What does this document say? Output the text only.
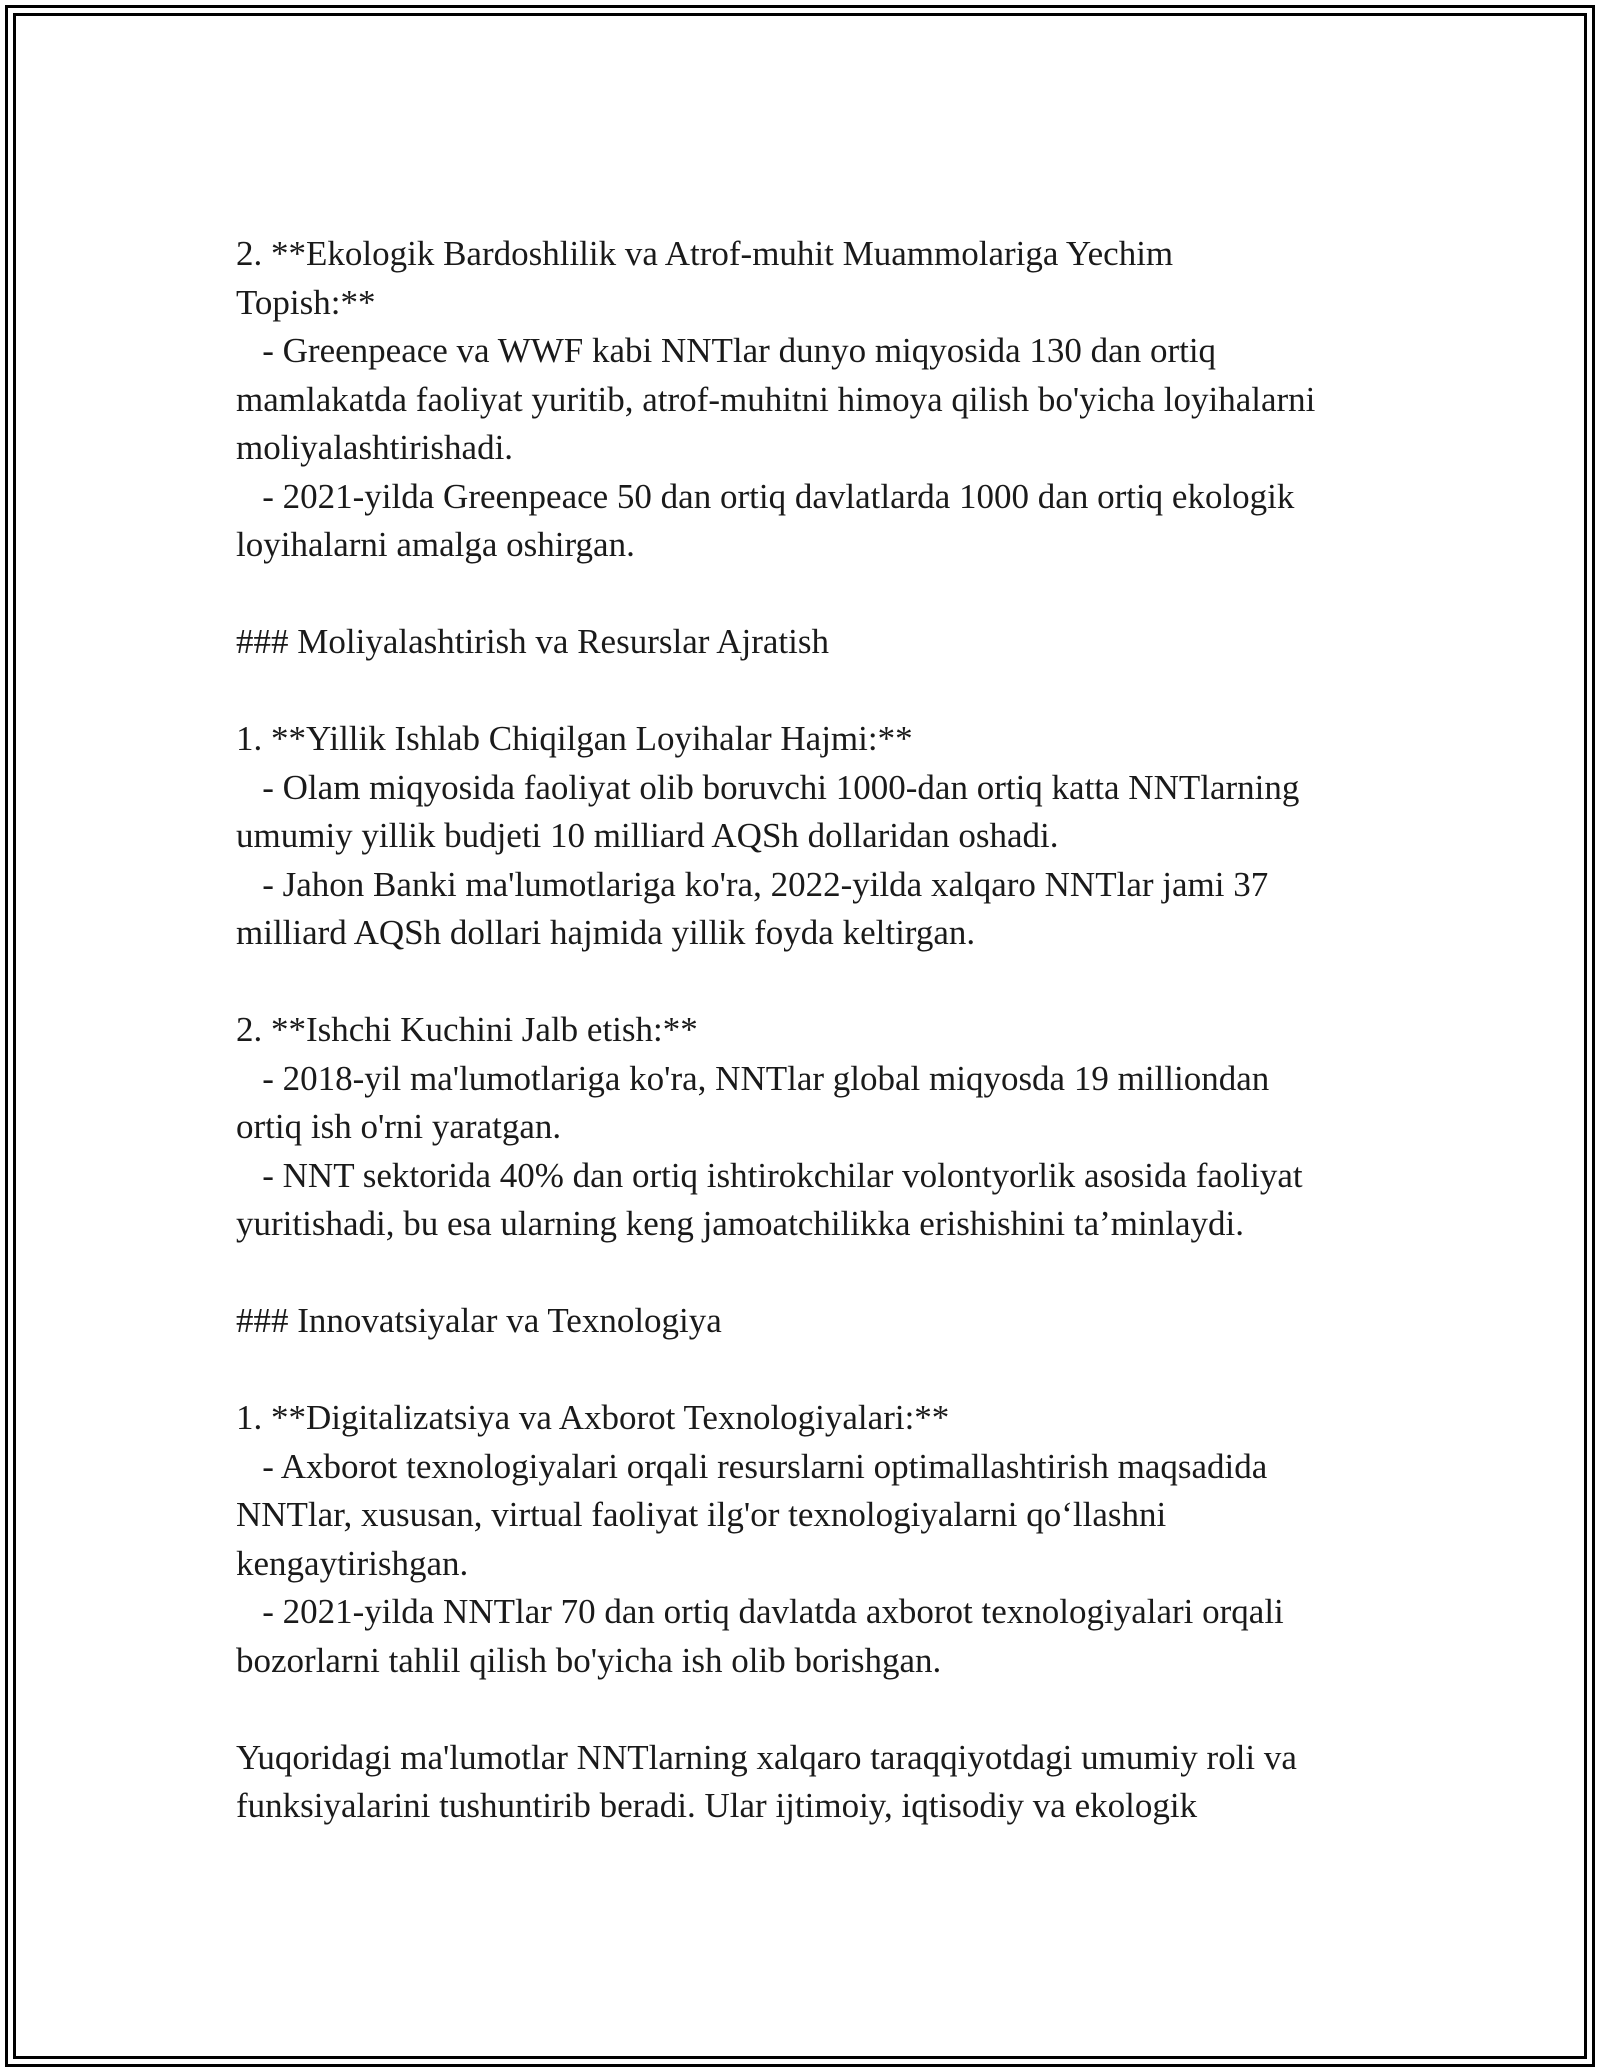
2. **Ekologik Bardoshlilik va Atrof-muhit Muammolariga Yechim
Topish:**
- Greenpeace va WWF kabi NNTlar dunyo miqyosida 130 dan ortiq
mamlakatda faoliyat yuritib, atrof-muhitni himoya qilish bo'yicha loyihalarni
moliyalashtirishadi.
- 2021-yilda Greenpeace 50 dan ortiq davlatlarda 1000 dan ortiq ekologik
loyihalarni amalga oshirgan.
### Moliyalashtirish va Resurslar Ajratish
1. **Yillik Ishlab Chiqilgan Loyihalar Hajmi:**
- Olam miqyosida faoliyat olib boruvchi 1000-dan ortiq katta NNTlarning
umumiy yillik budjeti 10 milliard AQSh dollaridan oshadi.
- Jahon Banki ma'lumotlariga ko'ra, 2022-yilda xalqaro NNTlar jami 37
milliard AQSh dollari hajmida yillik foyda keltirgan.
2. **Ishchi Kuchini Jalb etish:**
- 2018-yil ma'lumotlariga ko'ra, NNTlar global miqyosda 19 milliondan
ortiq ish o'rni yaratgan.
- NNT sektorida 40% dan ortiq ishtirokchilar volontyorlik asosida faoliyat
yuritishadi, bu esa ularning keng jamoatchilikka erishishini ta’minlaydi.
### Innovatsiyalar va Texnologiya
1. **Digitalizatsiya va Axborot Texnologiyalari:**
- Axborot texnologiyalari orqali resurslarni optimallashtirish maqsadida
NNTlar, xususan, virtual faoliyat ilg'or texnologiyalarni qo‘llashni
kengaytirishgan.
- 2021-yilda NNTlar 70 dan ortiq davlatda axborot texnologiyalari orqali
bozorlarni tahlil qilish bo'yicha ish olib borishgan.
Yuqoridagi ma'lumotlar NNTlarning xalqaro taraqqiyotdagi umumiy roli va
funksiyalarini tushuntirib beradi. Ular ijtimoiy, iqtisodiy va ekologik
